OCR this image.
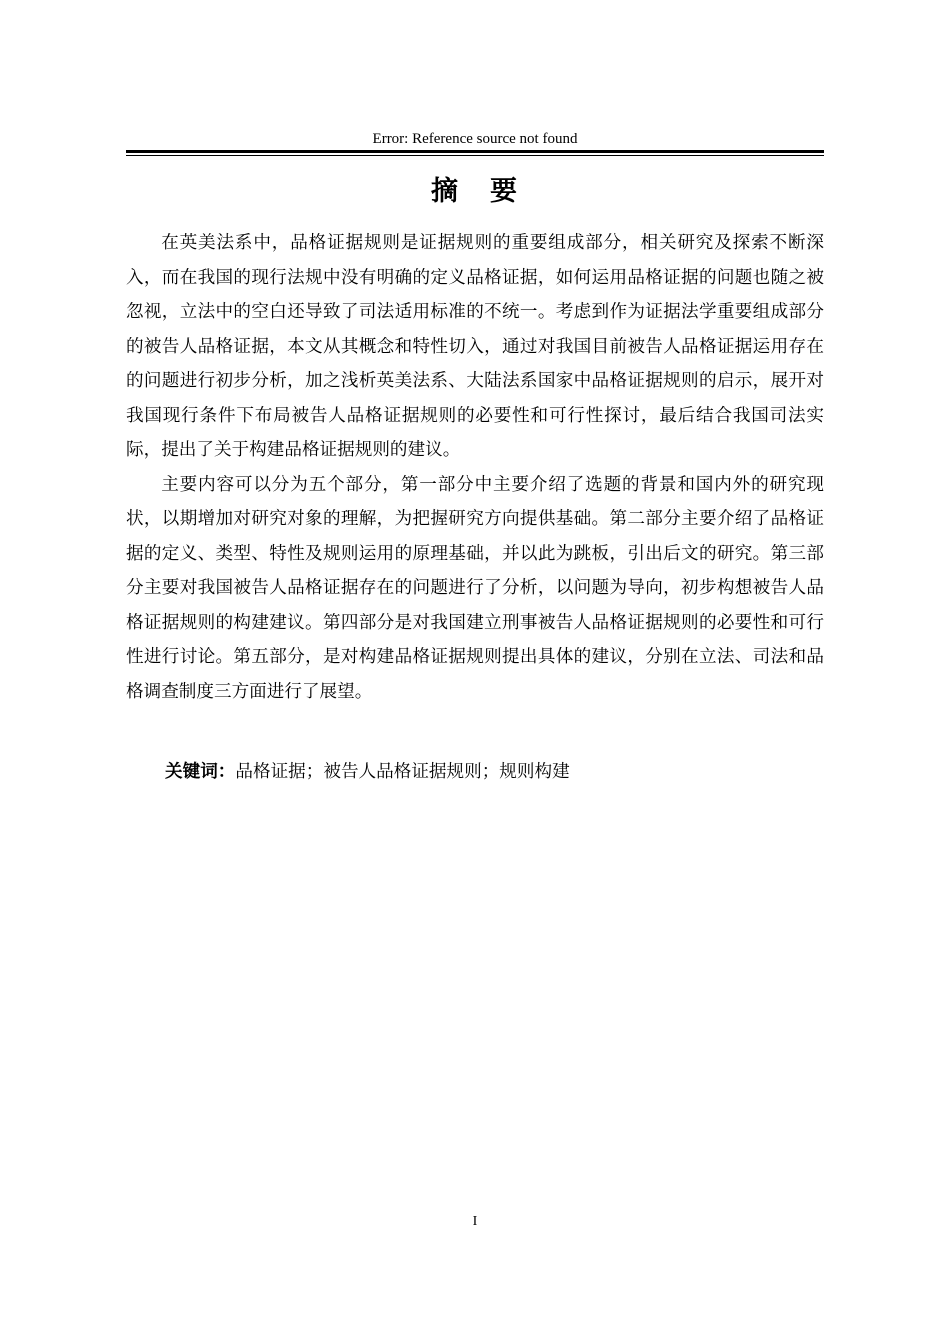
Error: Reference source not found
摘 要

在英美法系中，品格证据规则是证据规则的重要组成部分，相关研究及探索不断深入，而在我国的现行法规中没有明确的定义品格证据，如何运用品格证据的问题也随之被忽视，立法中的空白还导致了司法适用标准的不统一。考虑到作为证据法学重要组成部分的被告人品格证据，本文从其概念和特性切入，通过对我国目前被告人品格证据运用存在的问题进行初步分析，加之浅析英美法系、大陆法系国家中品格证据规则的启示，展开对我国现行条件下布局被告人品格证据规则的必要性和可行性探讨，最后结合我国司法实际，提出了关于构建品格证据规则的建议。

主要内容可以分为五个部分，第一部分中主要介绍了选题的背景和国内外的研究现状，以期增加对研究对象的理解，为把握研究方向提供基础。第二部分主要介绍了品格证据的定义、类型、特性及规则运用的原理基础，并以此为跳板，引出后文的研究。第三部分主要对我国被告人品格证据存在的问题进行了分析，以问题为导向，初步构想被告人品格证据规则的构建建议。第四部分是对我国建立刑事被告人品格证据规则的必要性和可行性进行讨论。第五部分，是对构建品格证据规则提出具体的建议，分别在立法、司法和品格调查制度三方面进行了展望。

关键词：品格证据；被告人品格证据规则；规则构建
I
